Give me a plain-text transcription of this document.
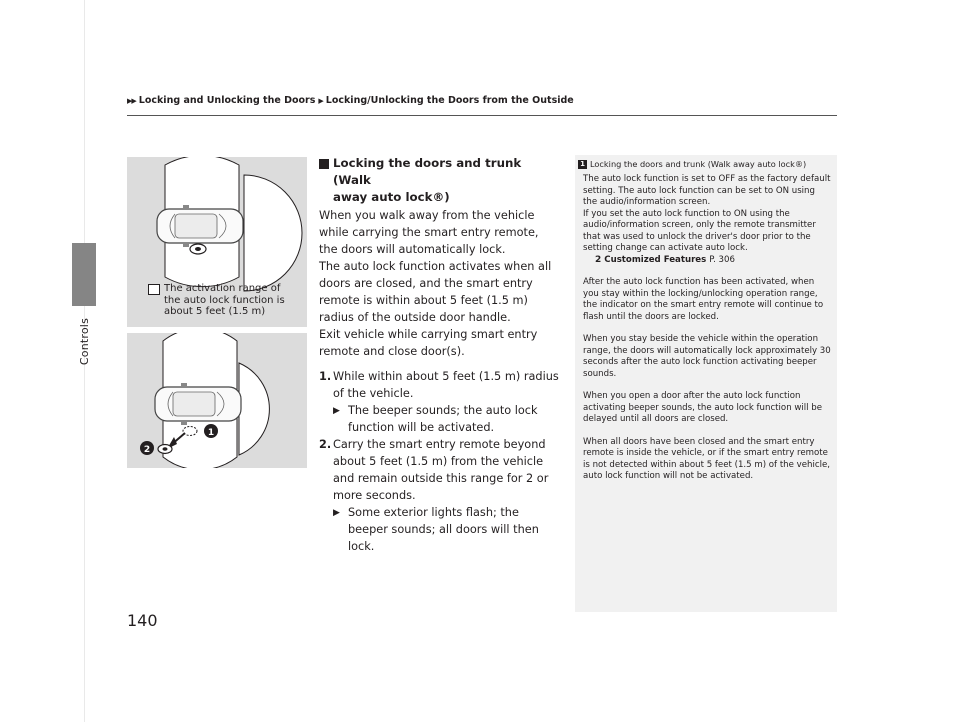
Controls
▶▶ Locking and Unlocking the Doors ▶ Locking/Unlocking the Doors from the Outside
The activation range of
the auto lock function is
about 5 feet (1.5 m)
1
2
Locking the doors and trunk (Walk
away auto lock®)

When you walk away from the vehicle while carrying the smart entry remote, the doors will automatically lock.

The auto lock function activates when all doors are closed, and the smart entry remote is within about 5 feet (1.5 m) radius of the outside door handle.

Exit vehicle while carrying smart entry remote and close door(s).

1. While within about 5 feet (1.5 m) radius of the vehicle.
▶ The beeper sounds; the auto lock function will be activated.
2. Carry the smart entry remote beyond about 5 feet (1.5 m) from the vehicle and remain outside this range for 2 or more seconds.
▶ Some exterior lights flash; the beeper sounds; all doors will then lock.
1 Locking the doors and trunk (Walk away auto lock®)

The auto lock function is set to OFF as the factory default setting. The auto lock function can be set to ON using the audio/information screen.

If you set the auto lock function to ON using the audio/information screen, only the remote transmitter that was used to unlock the driver's door prior to the setting change can activate auto lock.

2 Customized Features P. 306

After the auto lock function has been activated, when you stay within the locking/unlocking operation range, the indicator on the smart entry remote will continue to flash until the doors are locked.

When you stay beside the vehicle within the operation range, the doors will automatically lock approximately 30 seconds after the auto lock function activating beeper sounds.

When you open a door after the auto lock function activating beeper sounds, the auto lock function will be delayed until all doors are closed.

When all doors have been closed and the smart entry remote is inside the vehicle, or if the smart entry remote is not detected within about 5 feet (1.5 m) of the vehicle, auto lock function will not be activated.

140
